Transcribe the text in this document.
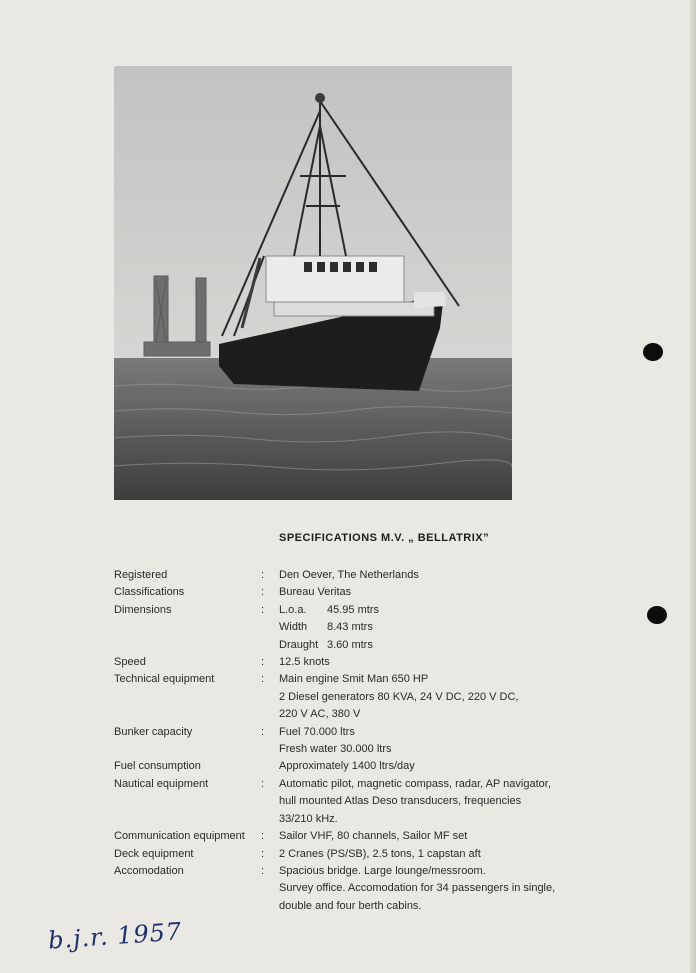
SPECIFICATIONS M.V. „ BELLATRIX”
Registered	:	Den Oever, The Netherlands
Classifications	:	Bureau Veritas
Dimensions	:	L.o.a. 45.95 mtrs
Width 8.43 mtrs
Draught 3.60 mtrs
Speed	:	12.5 knots
Technical equipment	:	Main engine Smit Man 650 HP
2 Diesel generators 80 KVA, 24 V DC, 220 V DC,
220 V AC, 380 V
Bunker capacity	:	Fuel 70.000 ltrs
Fresh water 30.000 ltrs
Fuel consumption	Approximately 1400 ltrs/day
Nautical equipment	:	Automatic pilot, magnetic compass, radar, AP navigator,
hull mounted Atlas Deso transducers, frequencies
33/210 kHz.
Communication equipment	:	Sailor VHF, 80 channels, Sailor MF set
Deck equipment	:	2 Cranes (PS/SB), 2.5 tons, 1 capstan aft
Accomodation	:	Spacious bridge. Large lounge/messroom.
Survey office. Accomodation for 34 passengers in single,
double and four berth cabins.
b.j.r. 1957
